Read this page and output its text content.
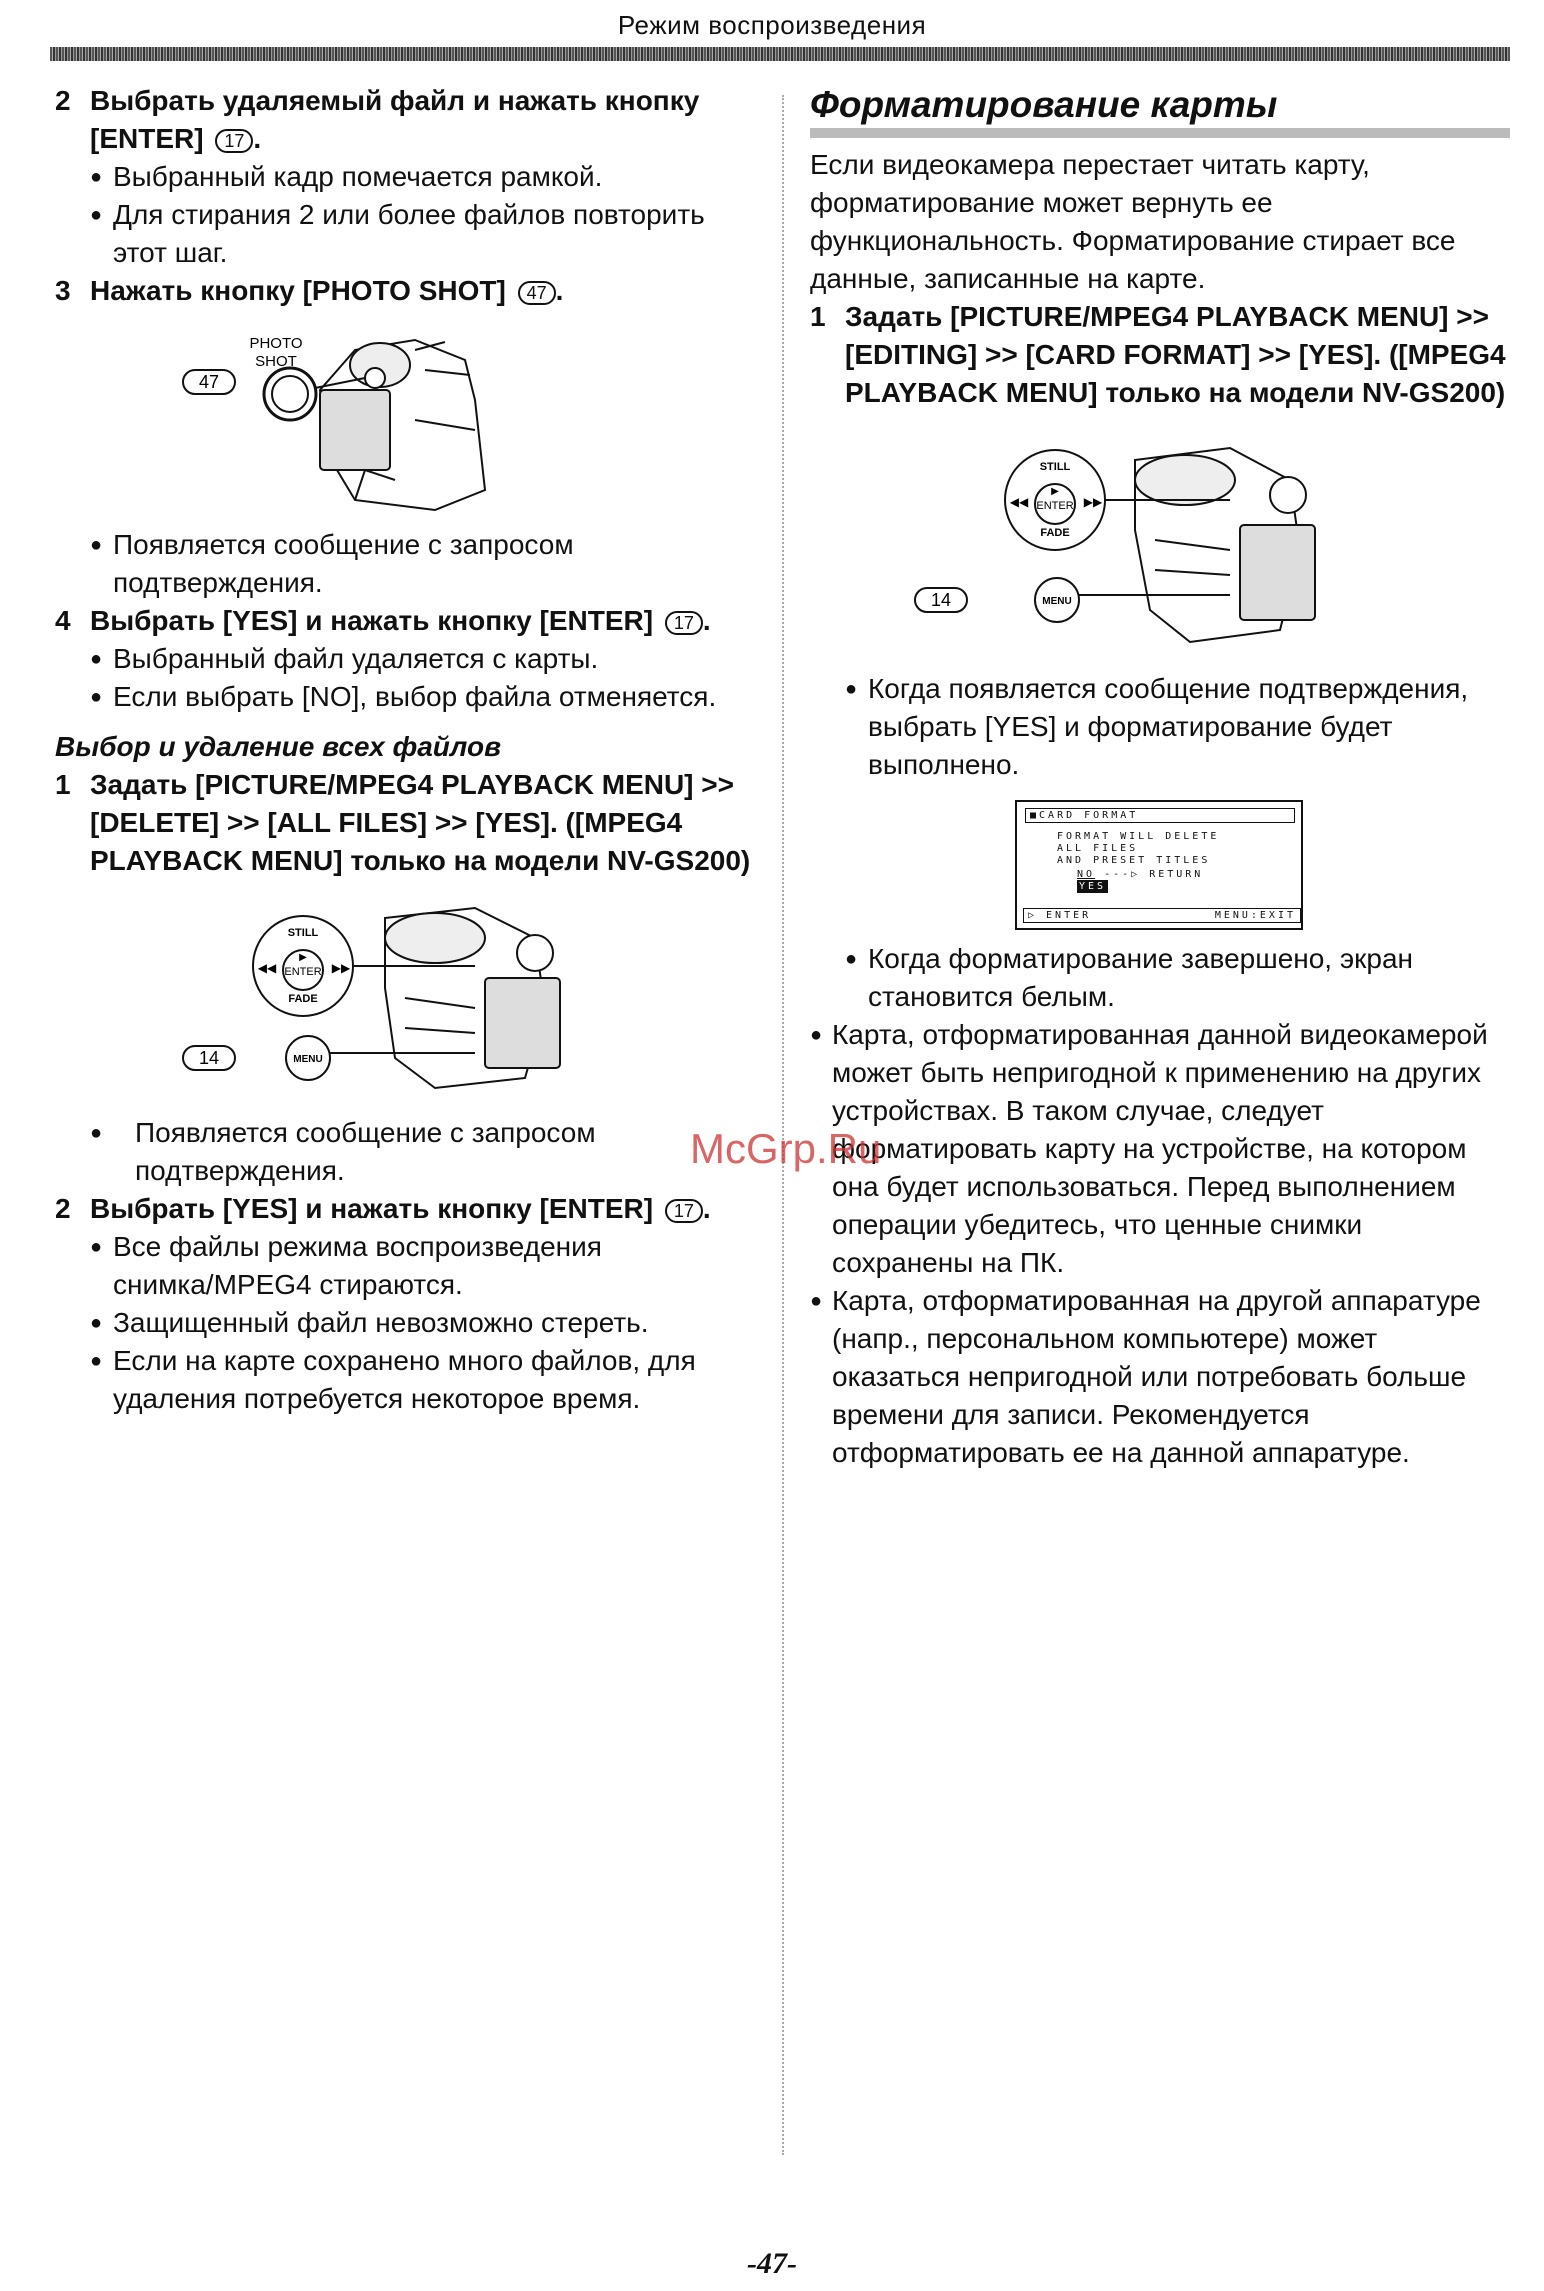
Режим воспроизведения
2 Выбрать удаляемый файл и нажать кнопку [ENTER] 17 .
● Выбранный кадр помечается рамкой.
● Для стирания 2 или более файлов повторить этот шаг.
3 Нажать кнопку [PHOTO SHOT] 47 .
47
PHOTO
SHOT
● Появляется сообщение с запросом подтверждения.
4 Выбрать [YES] и нажать кнопку [ENTER] 17 .
● Выбранный файл удаляется с карты.
● Если выбрать [NO], выбор файла отменяется.
Выбор и удаление всех файлов
1 Задать [PICTURE/MPEG4 PLAYBACK MENU] >> [DELETE] >> [ALL FILES] >> [YES]. ([MPEG4 PLAYBACK MENU] только на модели NV-GS200)
STILL
ENTER
FADE
◀◀	▶▶
▶
14	MENU
● Появляется сообщение с запросом подтверждения.
2 Выбрать [YES] и нажать кнопку [ENTER] 17 .
● Все файлы режима воспроизведения снимка/MPEG4 стираются.
● Защищенный файл невозможно стереть.
● Если на карте сохранено много файлов, для удаления потребуется некоторое время.
Форматирование карты
Если видеокамера перестает читать карту, форматирование может вернуть ее функциональность. Форматирование стирает все данные, записанные на карте.
1 Задать [PICTURE/MPEG4 PLAYBACK MENU] >> [EDITING] >> [CARD FORMAT] >> [YES]. ([MPEG4 PLAYBACK MENU] только на модели NV-GS200)
STILL
ENTER
FADE
◀◀	▶▶
▶
14	MENU
● Когда появляется сообщение подтверждения, выбрать [YES] и форматирование будет выполнено.
■CARD FORMAT
FORMAT WILL DELETE
ALL FILES
AND PRESET TITLES
NO ---▷ RETURN
YES
▷ ENTER	MENU:EXIT
● Когда форматирование завершено, экран становится белым.
● Карта, отформатированная данной видеокамерой может быть непригодной к применению на других устройствах. В таком случае, следует форматировать карту на устройстве, на котором она будет использоваться. Перед выполнением операции убедитесь, что ценные снимки сохранены на ПК.
● Карта, отформатированная на другой аппаратуре (напр., персональном компьютере) может оказаться непригодной или потребовать больше времени для записи. Рекомендуется отформатировать ее на данной аппаратуре.
McGrp.Ru
-47-
